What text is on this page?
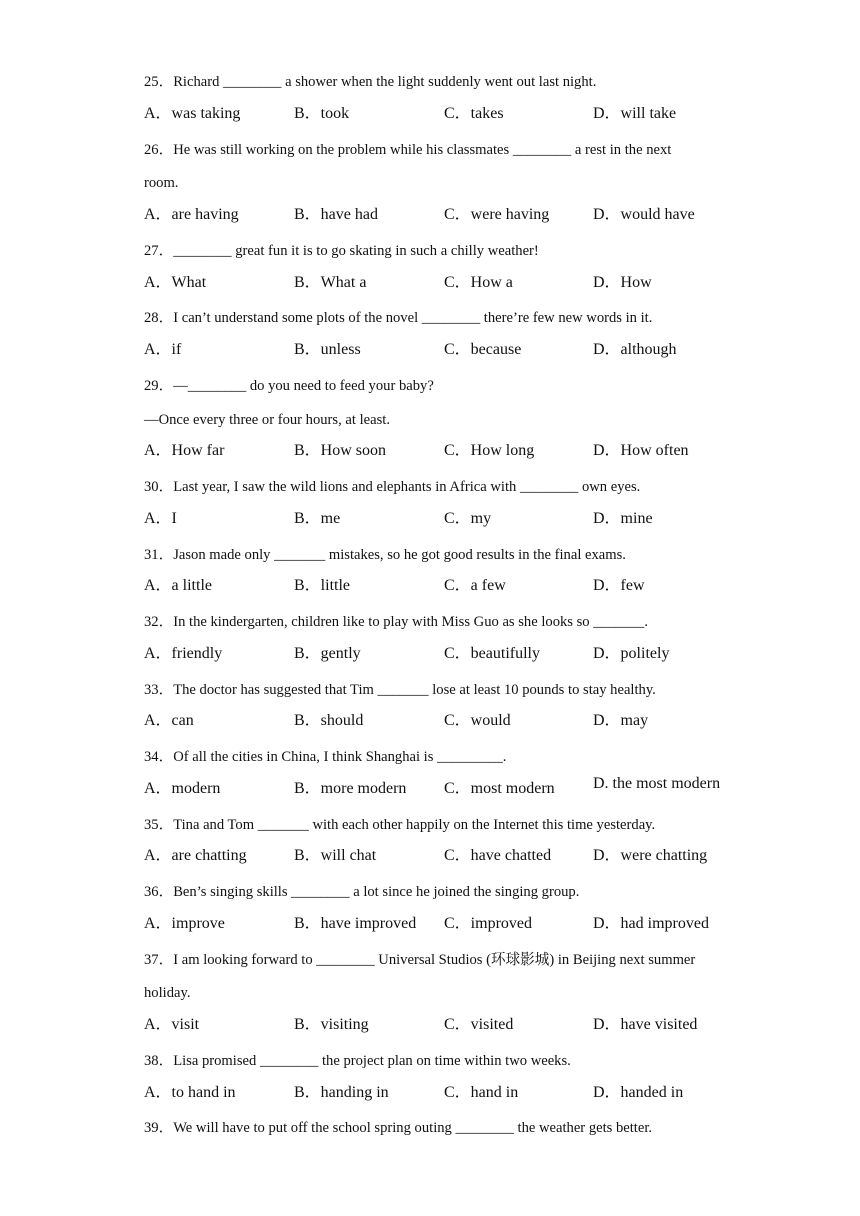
25．Richard ________ a shower when the light suddenly went out last night.
A．was taking	B．took	C．takes	D．will take
26．He was still working on the problem while his classmates ________ a rest in the next
room.
A．are having	B．have had	C．were having	D．would have
27．________ great fun it is to go skating in such a chilly weather!
A．What	B．What a	C．How a	D．How
28．I can’t understand some plots of the novel ________ there’re few new words in it.
A．if	B．unless	C．because	D．although
29．—________ do you need to feed your baby?
—Once every three or four hours, at least.
A．How far	B．How soon	C．How long	D．How often
30．Last year, I saw the wild lions and elephants in Africa with ________ own eyes.
A．I	B．me	C．my	D．mine
31．Jason made only _______ mistakes, so he got good results in the final exams.
A．a little	B．little	C．a few	D．few
32．In the kindergarten, children like to play with Miss Guo as she looks so _______.
A．friendly	B．gently	C．beautifully	D．politely
33．The doctor has suggested that Tim _______ lose at least 10 pounds to stay healthy.
A．can	B．should	C．would	D．may
34．Of all the cities in China, I think Shanghai is _________.
A．modern	B．more modern C．most modern D. the most modern
35．Tina and Tom _______ with each other happily on the Internet this time yesterday.
A．are chatting	B．will chat	C．have chatted	D．were chatting
36．Ben’s singing skills ________ a lot since he joined the singing group.
A．improve	B．have improved C．improved	D．had improved
37．I am looking forward to ________ Universal Studios (环球影城) in Beijing next summer
holiday.
A．visit	B．visiting	C．visited	D．have visited
38．Lisa promised ________ the project plan on time within two weeks.
A．to hand in	B．handing in	C．hand in	D．handed in
39．We will have to put off the school spring outing ________ the weather gets better.
